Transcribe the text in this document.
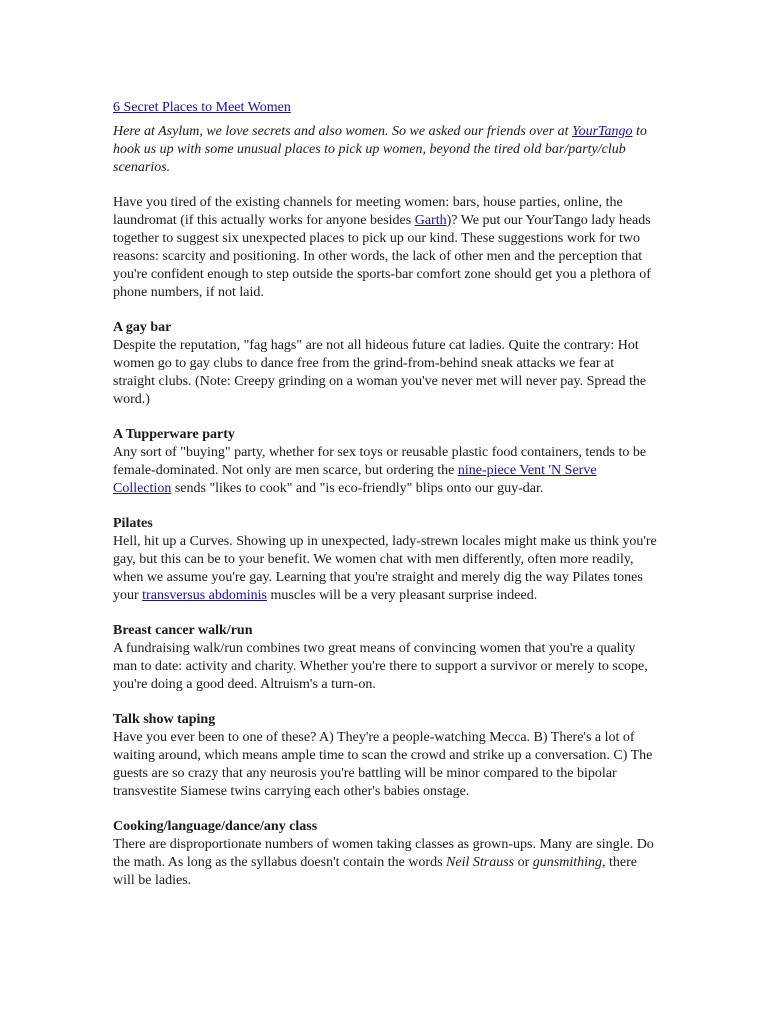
6 Secret Places to Meet Women

Here at Asylum, we love secrets and also women. So we asked our friends over at YourTango to hook us up with some unusual places to pick up women, beyond the tired old bar/party/club scenarios.

Have you tired of the existing channels for meeting women: bars, house parties, online, the laundromat (if this actually works for anyone besides Garth)? We put our YourTango lady heads together to suggest six unexpected places to pick up our kind. These suggestions work for two reasons: scarcity and positioning. In other words, the lack of other men and the perception that you're confident enough to step outside the sports-bar comfort zone should get you a plethora of phone numbers, if not laid.

A gay bar
Despite the reputation, "fag hags" are not all hideous future cat ladies. Quite the contrary: Hot women go to gay clubs to dance free from the grind-from-behind sneak attacks we fear at straight clubs. (Note: Creepy grinding on a woman you've never met will never pay. Spread the word.)
A Tupperware party
Any sort of "buying" party, whether for sex toys or reusable plastic food containers, tends to be female-dominated. Not only are men scarce, but ordering the nine-piece Vent 'N Serve Collection sends "likes to cook" and "is eco-friendly" blips onto our guy-dar.
Pilates
Hell, hit up a Curves. Showing up in unexpected, lady-strewn locales might make us think you're gay, but this can be to your benefit. We women chat with men differently, often more readily, when we assume you're gay. Learning that you're straight and merely dig the way Pilates tones your transversus abdominis muscles will be a very pleasant surprise indeed.
Breast cancer walk/run
A fundraising walk/run combines two great means of convincing women that you're a quality man to date: activity and charity. Whether you're there to support a survivor or merely to scope, you're doing a good deed. Altruism's a turn-on.
Talk show taping
Have you ever been to one of these? A) They're a people-watching Mecca. B) There's a lot of waiting around, which means ample time to scan the crowd and strike up a conversation. C) The guests are so crazy that any neurosis you're battling will be minor compared to the bipolar transvestite Siamese twins carrying each other's babies onstage.
Cooking/language/dance/any class
There are disproportionate numbers of women taking classes as grown-ups. Many are single. Do the math. As long as the syllabus doesn't contain the words Neil Strauss or gunsmithing, there will be ladies.
